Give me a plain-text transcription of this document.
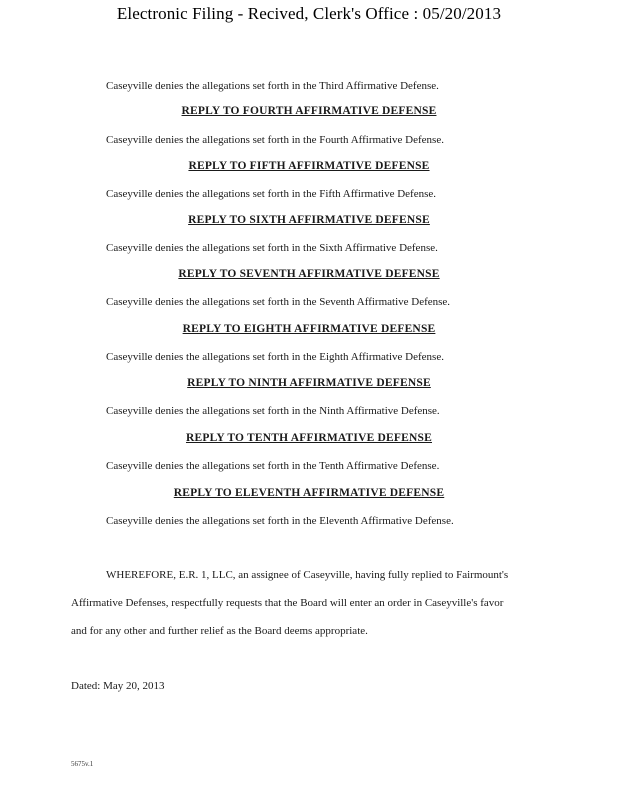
Electronic Filing - Recived, Clerk's Office : 05/20/2013
Caseyville denies the allegations set forth in the Third Affirmative Defense.
REPLY TO FOURTH AFFIRMATIVE DEFENSE
Caseyville denies the allegations set forth in the Fourth Affirmative Defense.
REPLY TO FIFTH AFFIRMATIVE DEFENSE
Caseyville denies the allegations set forth in the Fifth Affirmative Defense.
REPLY TO SIXTH AFFIRMATIVE DEFENSE
Caseyville denies the allegations set forth in the Sixth Affirmative Defense.
REPLY TO SEVENTH AFFIRMATIVE DEFENSE
Caseyville denies the allegations set forth in the Seventh Affirmative Defense.
REPLY TO EIGHTH AFFIRMATIVE DEFENSE
Caseyville denies the allegations set forth in the Eighth Affirmative Defense.
REPLY TO NINTH AFFIRMATIVE DEFENSE
Caseyville denies the allegations set forth in the Ninth Affirmative Defense.
REPLY TO TENTH AFFIRMATIVE DEFENSE
Caseyville denies the allegations set forth in the Tenth Affirmative Defense.
REPLY TO ELEVENTH AFFIRMATIVE DEFENSE
Caseyville denies the allegations set forth in the Eleventh Affirmative Defense.
WHEREFORE, E.R. 1, LLC, an assignee of Caseyville, having fully replied to Fairmount's
Affirmative Defenses, respectfully requests that the Board will enter an order in Caseyville's favor
and for any other and further relief as the Board deems appropriate.
Dated: May 20, 2013
5675v.1
